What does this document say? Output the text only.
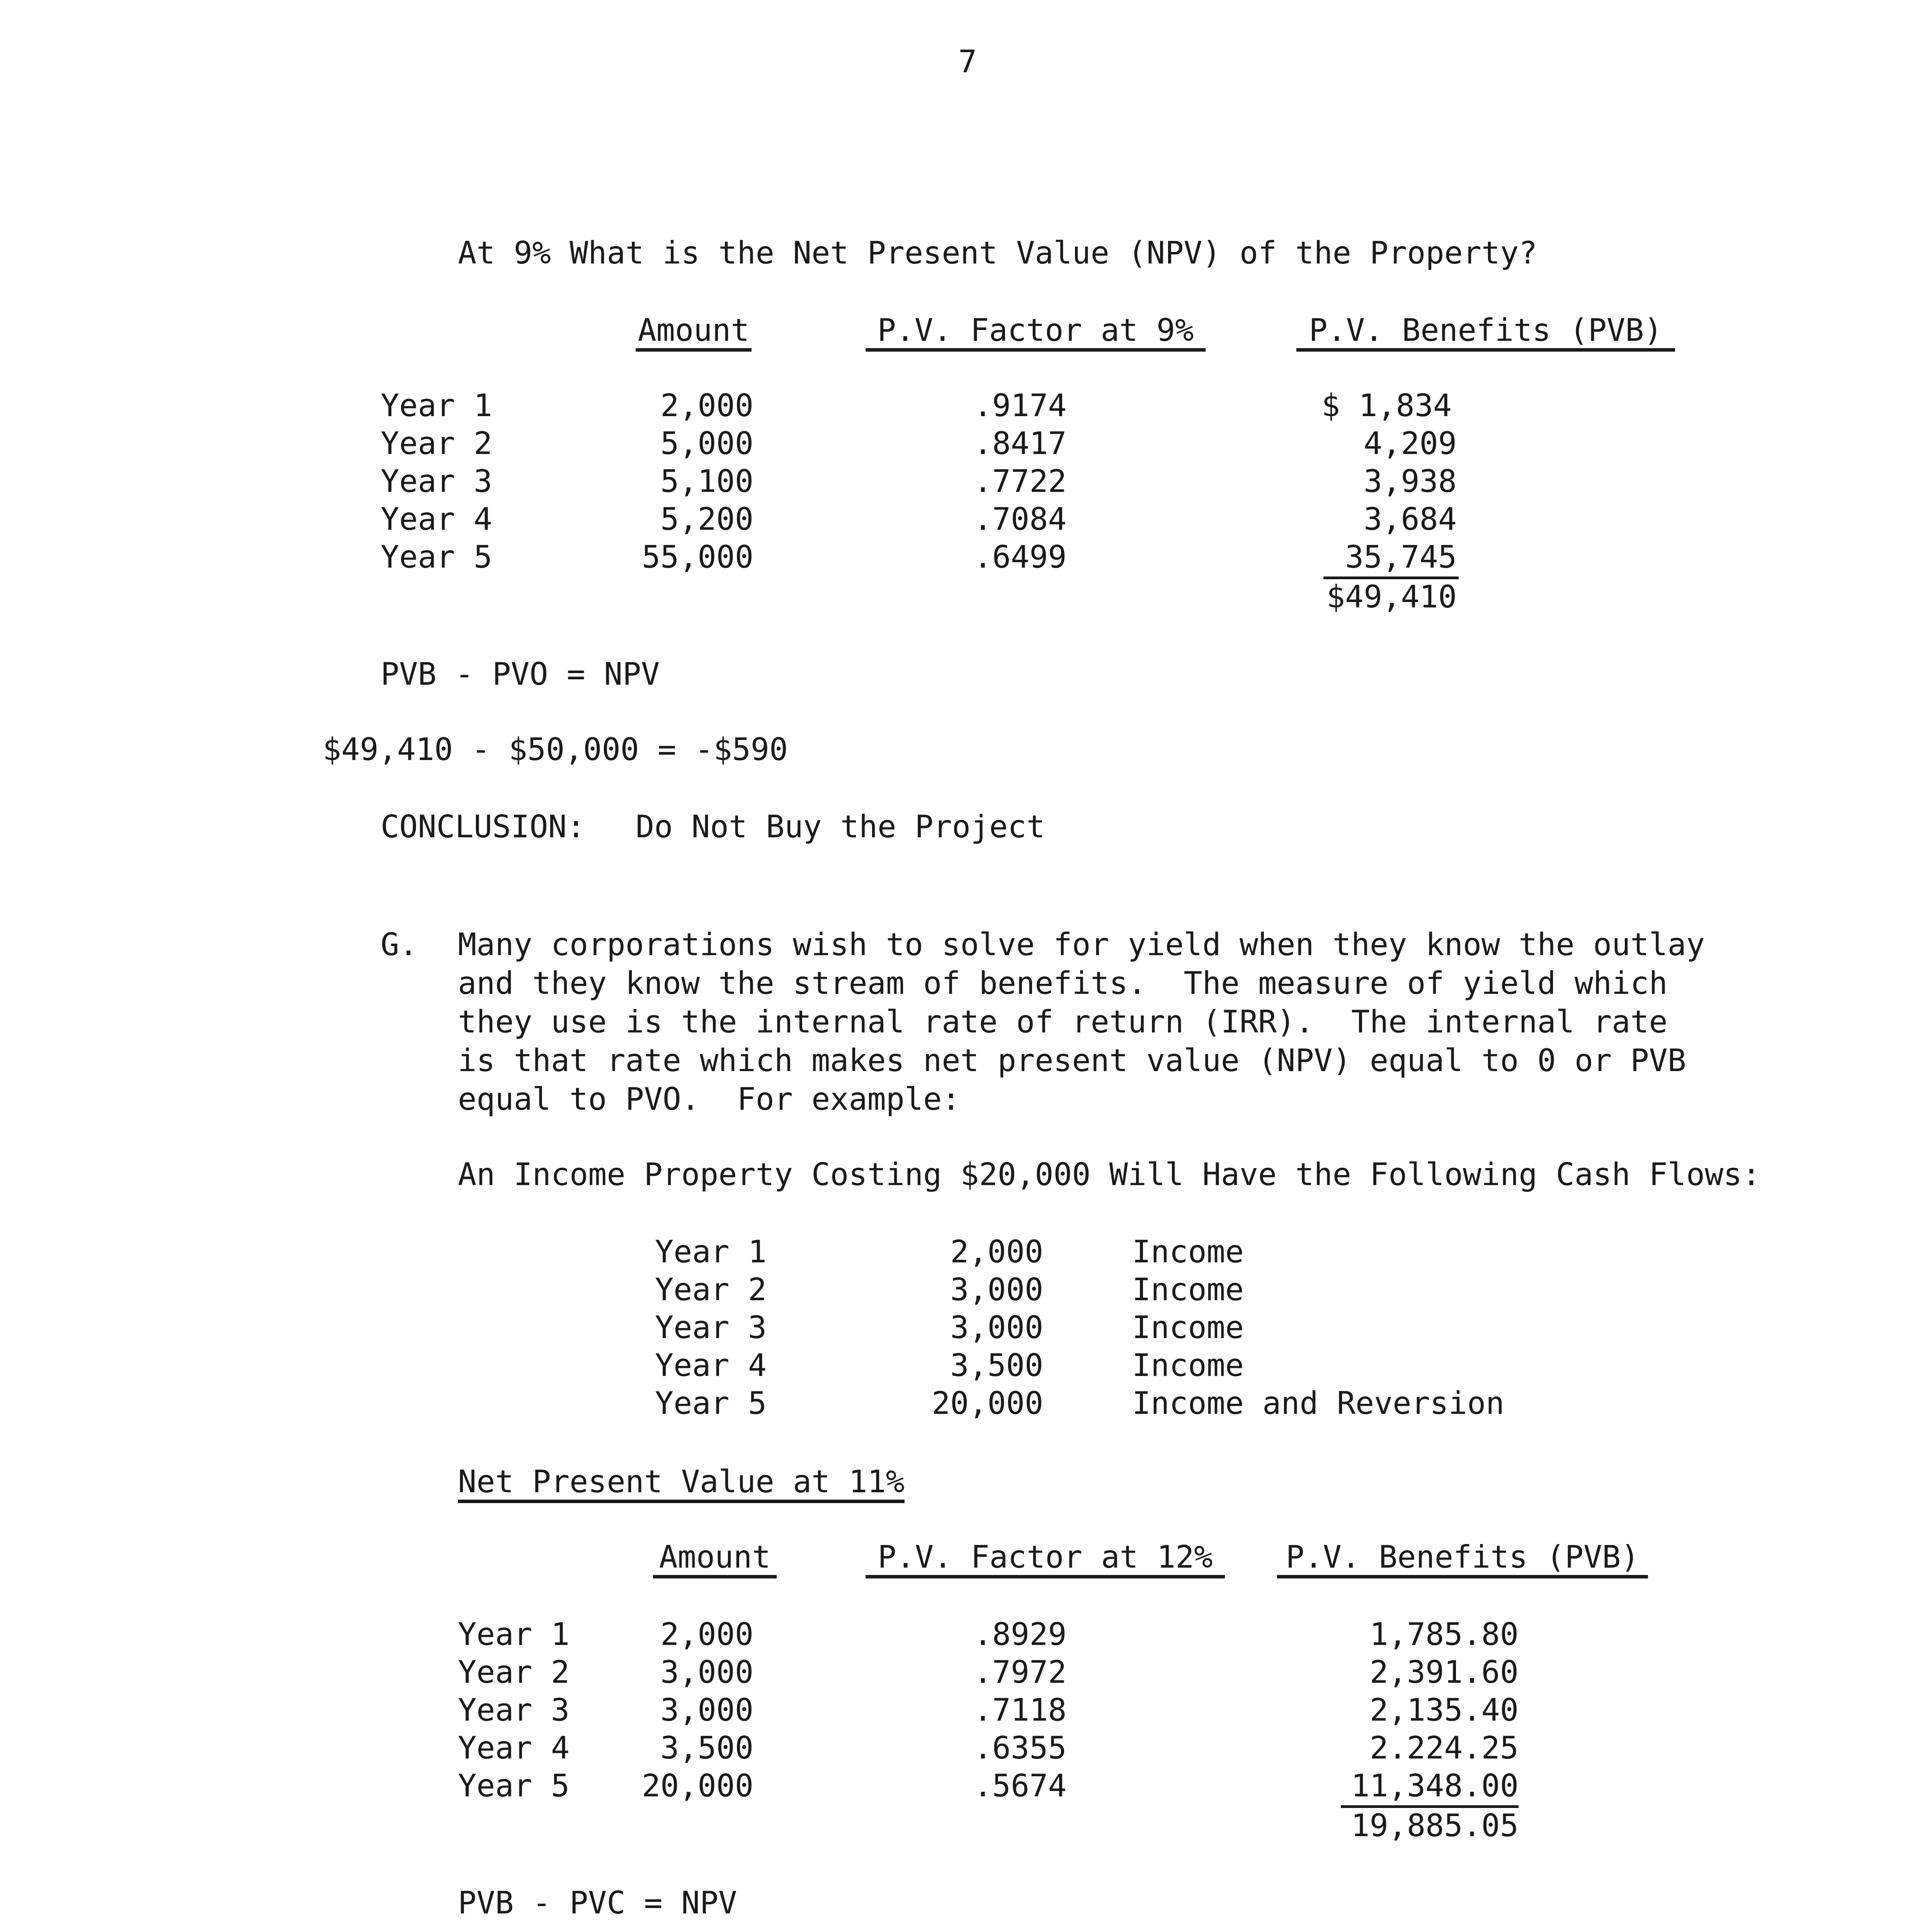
7
At 9% What is the Net Present Value (NPV) of the Property?
Amount	P.V. Factor at 9%	P.V. Benefits (PVB)
Year 1	2,000	.9174	$ 1,834
Year 2	5,000	.8417	4,209
Year 3	5,100	.7722	3,938
Year 4	5,200	.7084	3,684
Year 5	55,000	.6499	35,745
$49,410
PVB - PVO = NPV
$49,410 - $50,000 = -$590
CONCLUSION: Do Not Buy the Project
G. Many corporations wish to solve for yield when they know the outlay
and they know the stream of benefits.  The measure of yield which
they use is the internal rate of return (IRR).  The internal rate
is that rate which makes net present value (NPV) equal to 0 or PVB
equal to PVO.  For example:
An Income Property Costing $20,000 Will Have the Following Cash Flows:
Year 1	2,000	Income
Year 2	3,000	Income
Year 3	3,000	Income
Year 4	3,500	Income
Year 5	20,000	Income and Reversion
Net Present Value at 11%
Amount	P.V. Factor at 12%	P.V. Benefits (PVB)
Year 1	2,000	.8929	1,785.80
Year 2	3,000	.7972	2,391.60
Year 3	3,000	.7118	2,135.40
Year 4	3,500	.6355	2.224.25
Year 5	20,000	.5674	11,348.00
19,885.05
PVB - PVC = NPV
